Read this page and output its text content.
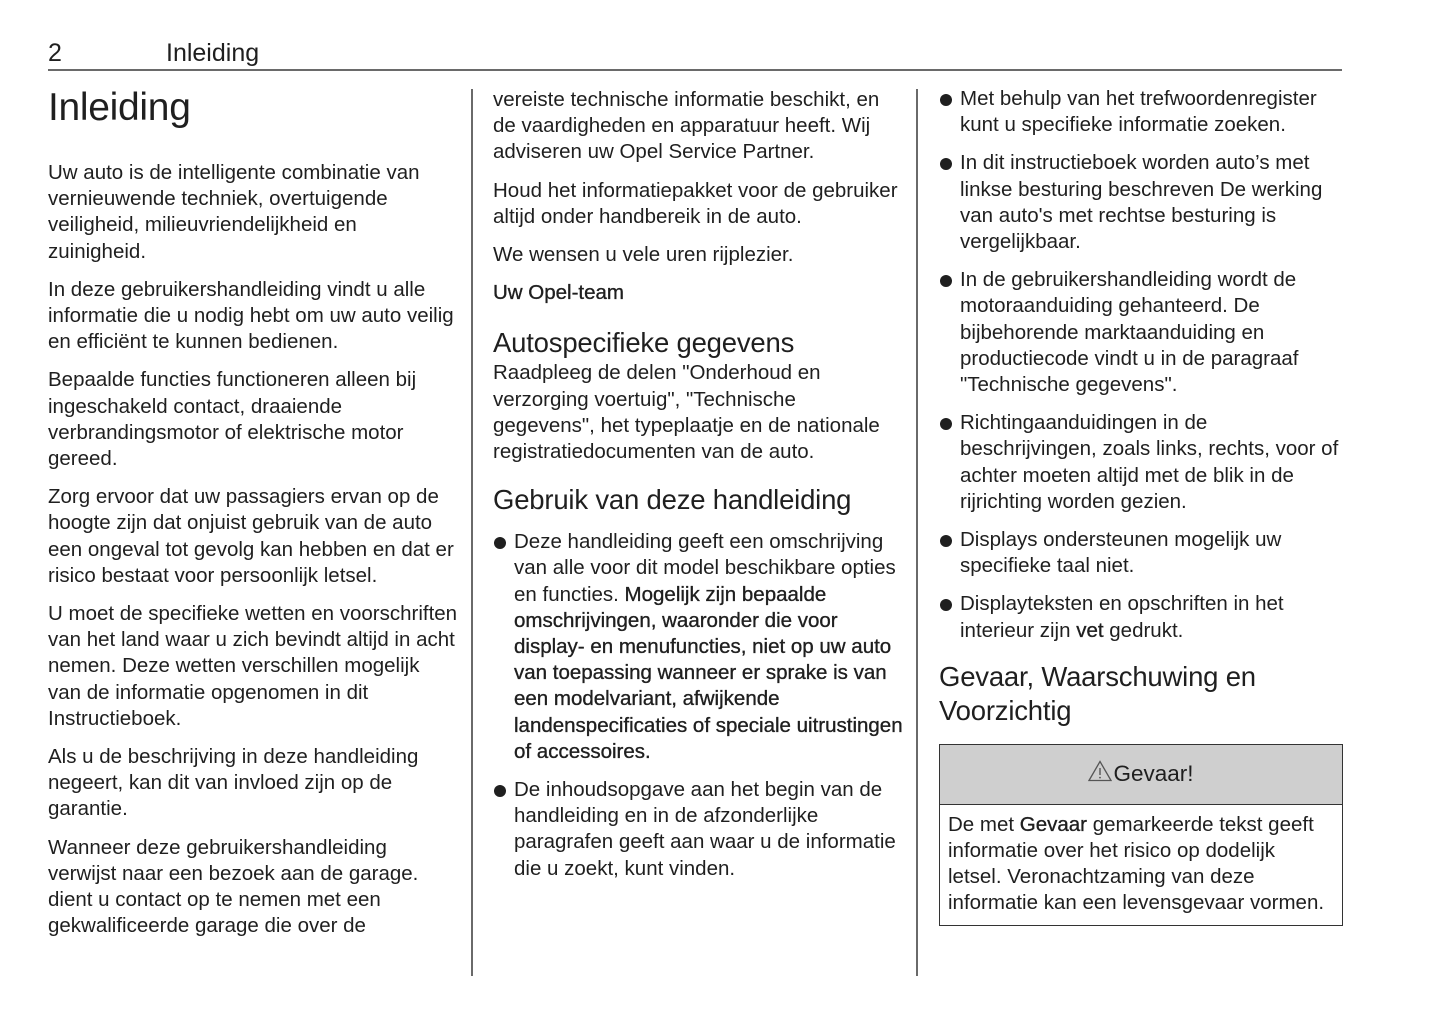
2	Inleiding
Inleiding

Uw auto is de intelligente combinatie van vernieuwende techniek, overtuigende veiligheid, milieuvriendelijkheid en zuinigheid.

In deze gebruikershandleiding vindt u alle informatie die u nodig hebt om uw auto veilig en efficiënt te kunnen bedienen.

Bepaalde functies functioneren alleen bij ingeschakeld contact, draaiende verbrandingsmotor of elektrische motor gereed.

Zorg ervoor dat uw passagiers ervan op de hoogte zijn dat onjuist gebruik van de auto een ongeval tot gevolg kan hebben en dat er risico bestaat voor persoonlijk letsel.

U moet de specifieke wetten en voorschriften van het land waar u zich bevindt altijd in acht nemen. Deze wetten verschillen mogelijk van de informatie opgenomen in dit Instructieboek.

Als u de beschrijving in deze handleiding negeert, kan dit van invloed zijn op de garantie.

Wanneer deze gebruikershandleiding verwijst naar een bezoek aan de garage. dient u contact op te nemen met een gekwalificeerde garage die over de

vereiste technische informatie beschikt, en de vaardigheden en apparatuur heeft. Wij adviseren uw Opel Service Partner.

Houd het informatiepakket voor de gebruiker altijd onder handbereik in de auto.

We wensen u vele uren rijplezier.

Uw Opel-team

Autospecifieke gegevens

Raadpleeg de delen "Onderhoud en verzorging voertuig", "Technische gegevens", het typeplaatje en de nationale registratiedocumenten van de auto.

Gebruik van deze handleiding
Deze handleiding geeft een omschrijving van alle voor dit model beschikbare opties en functies. Mogelijk zijn bepaalde omschrijvingen, waaronder die voor display- en menufuncties, niet op uw auto van toepassing wanneer er sprake is van een modelvariant, afwijkende landenspecificaties of speciale uitrustingen of accessoires.
De inhoudsopgave aan het begin van de handleiding en in de afzonderlijke paragrafen geeft aan waar u de informatie die u zoekt, kunt vinden.
Met behulp van het trefwoordenregister kunt u specifieke informatie zoeken.
In dit instructieboek worden auto’s met linkse besturing beschreven De werking van auto's met rechtse besturing is vergelijkbaar.
In de gebruikershandleiding wordt de motoraanduiding gehanteerd. De bijbehorende marktaanduiding en productiecode vindt u in de paragraaf "Technische gegevens".
Richtingaanduidingen in de beschrijvingen, zoals links, rechts, voor of achter moeten altijd met de blik in de rijrichting worden gezien.
Displays ondersteunen mogelijk uw specifieke taal niet.
Displayteksten en opschriften in het interieur zijn vet gedrukt.
Gevaar, Waarschuwing en Voorzichtig
Gevaar!
De met Gevaar gemarkeerde tekst geeft informatie over het risico op dodelijk letsel. Veronachtzaming van deze informatie kan een levensgevaar vormen.
